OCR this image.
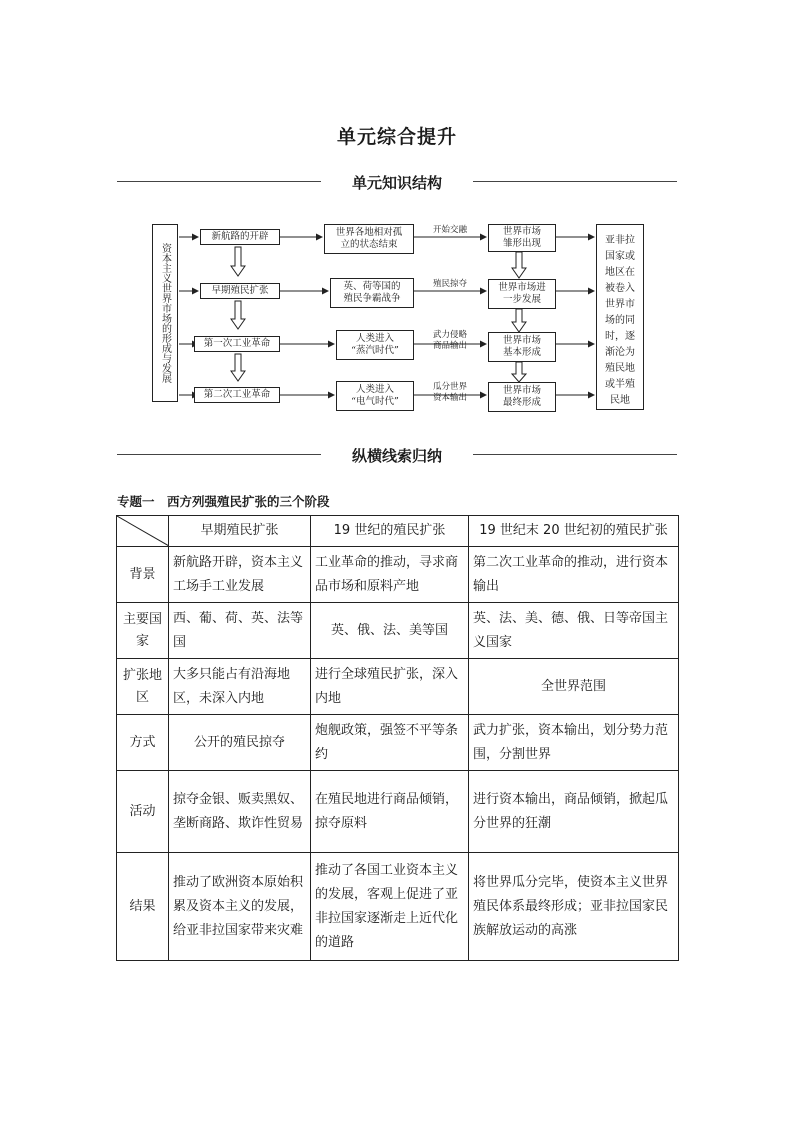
单元综合提升
单元知识结构
资本主义世界市场的形成与发展
新航路的开辟
早期殖民扩张
第一次工业革命
第二次工业革命
世界各地相对孤
立的状态结束
英、荷等国的
殖民争霸战争
人类进入
“蒸汽时代”
人类进入
“电气时代”
开始交融
殖民掠夺
武力侵略
商品输出
瓜分世界
资本输出
世界市场
雏形出现
世界市场进
一步发展
世界市场
基本形成
世界市场
最终形成
亚非拉国家或地区在被卷入世界市场的同时，逐渐沦为殖民地或半殖民地
纵横线索归纳
专题一　西方列强殖民扩张的三个阶段
	早期殖民扩张	19 世纪的殖民扩张	19 世纪末 20 世纪初的殖民扩张
背景	新航路开辟，资本主义工场手工业发展	工业革命的推动，寻求商品市场和原料产地	第二次工业革命的推动，进行资本输出
主要国家	西、葡、荷、英、法等国	英、俄、法、美等国	英、法、美、德、俄、日等帝国主义国家
扩张地区	大多只能占有沿海地区，未深入内地	进行全球殖民扩张，深入内地	全世界范围
方式	公开的殖民掠夺	炮舰政策，强签不平等条约	武力扩张，资本输出，划分势力范围，分割世界
活动	掠夺金银、贩卖黑奴、垄断商路、欺诈性贸易	在殖民地进行商品倾销，掠夺原料	进行资本输出，商品倾销，掀起瓜分世界的狂潮
结果	推动了欧洲资本原始积累及资本主义的发展，给亚非拉国家带来灾难	推动了各国工业资本主义的发展，客观上促进了亚非拉国家逐渐走上近代化的道路	将世界瓜分完毕，使资本主义世界殖民体系最终形成；亚非拉国家民族解放运动的高涨
